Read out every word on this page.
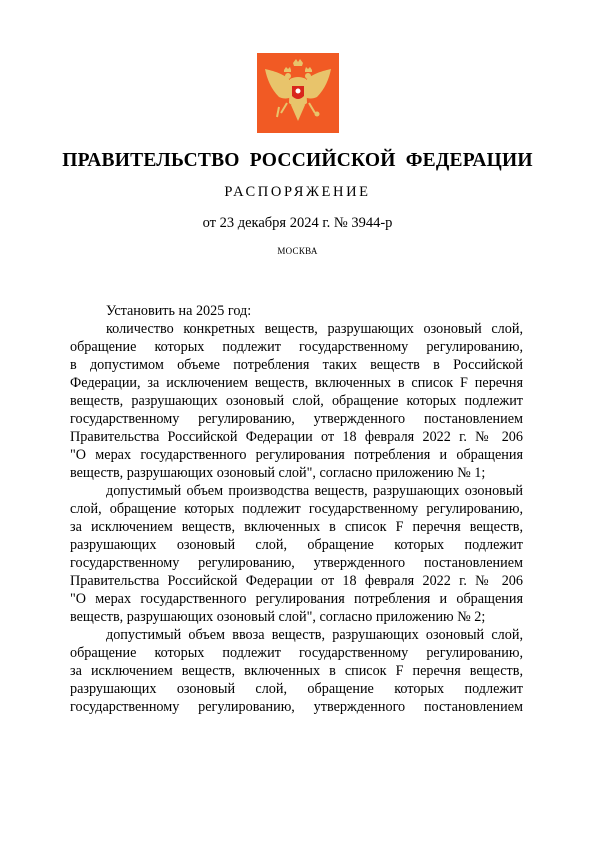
ПРАВИТЕЛЬСТВО  РОССИЙСКОЙ  ФЕДЕРАЦИИ
РАСПОРЯЖЕНИЕ
от 23 декабря 2024 г. № 3944-р
МОСКВА
Установить на 2025 год:
количество конкретных веществ, разрушающих озоновый слой,
обращение которых подлежит государственному регулированию,
в допустимом объеме потребления таких веществ в Российской
Федерации, за исключением веществ, включенных в список F перечня
веществ, разрушающих озоновый слой, обращение которых подлежит
государственному регулированию, утвержденного постановлением
Правительства Российской Федерации от 18 февраля 2022 г. № 206
"О мерах государственного регулирования потребления и обращения
веществ, разрушающих озоновый слой", согласно приложению № 1;
допустимый объем производства веществ, разрушающих озоновый
слой, обращение которых подлежит государственному регулированию,
за исключением веществ, включенных в список F перечня веществ,
разрушающих озоновый слой, обращение которых подлежит
государственному регулированию, утвержденного постановлением
Правительства Российской Федерации от 18 февраля 2022 г. № 206
"О мерах государственного регулирования потребления и обращения
веществ, разрушающих озоновый слой", согласно приложению № 2;
допустимый объем ввоза веществ, разрушающих озоновый слой,
обращение которых подлежит государственному регулированию,
за исключением веществ, включенных в список F перечня веществ,
разрушающих озоновый слой, обращение которых подлежит
государственному регулированию, утвержденного постановлением
